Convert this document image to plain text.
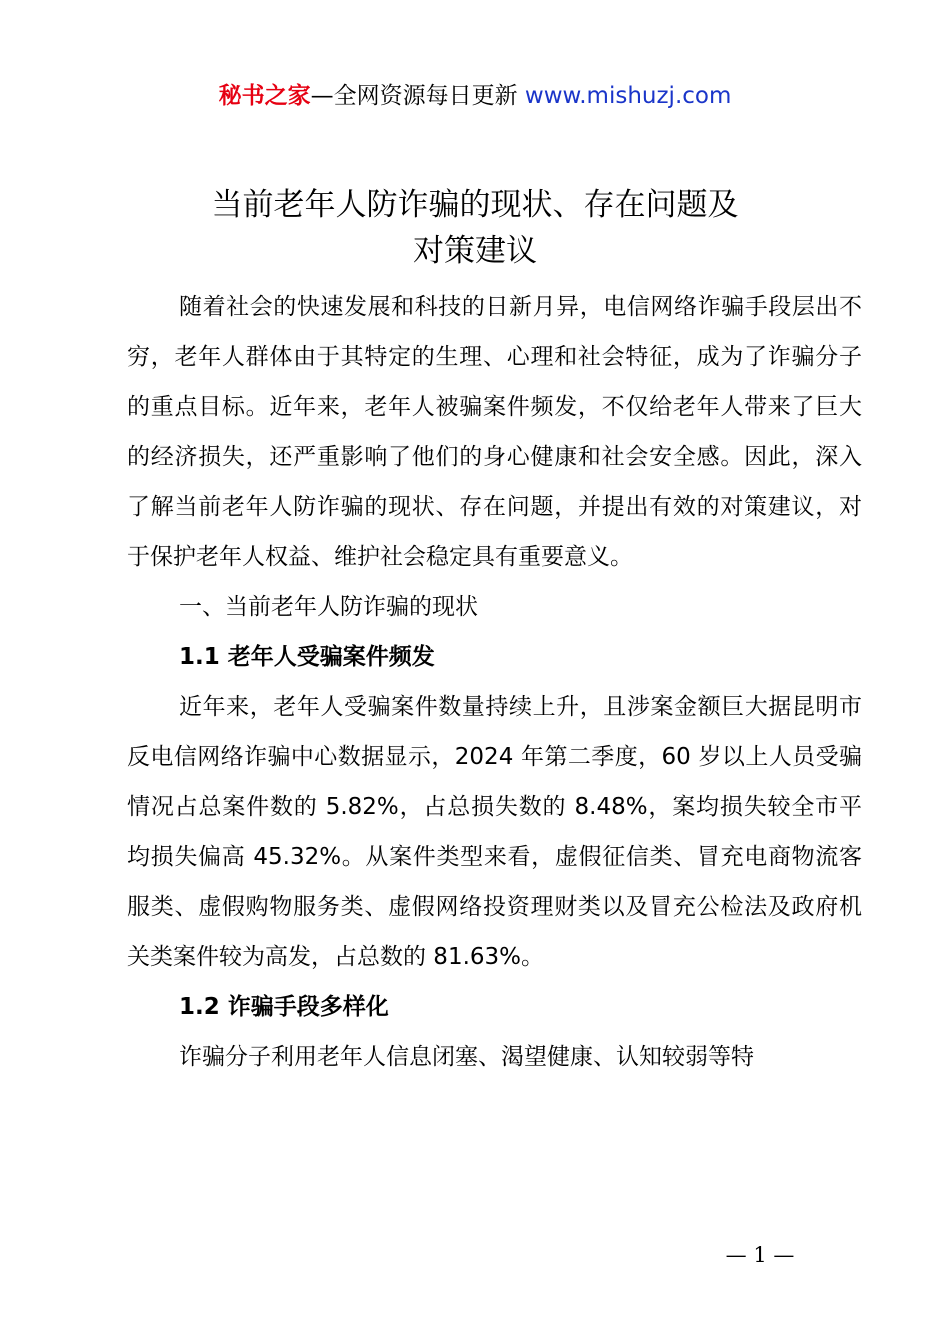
秘书之家—全网资源每日更新 www.mishuzj.com
当前老年人防诈骗的现状、存在问题及
对策建议

随着社会的快速发展和科技的日新月异，电信网络诈骗手段层出不穷，老年人群体由于其特定的生理、心理和社会特征，成为了诈骗分子的重点目标。近年来，老年人被骗案件频发，不仅给老年人带来了巨大的经济损失，还严重影响了他们的身心健康和社会安全感。因此，深入了解当前老年人防诈骗的现状、存在问题，并提出有效的对策建议，对于保护老年人权益、维护社会稳定具有重要意义。

一、当前老年人防诈骗的现状

1.1 老年人受骗案件频发

近年来，老年人受骗案件数量持续上升，且涉案金额巨大据昆明市反电信网络诈骗中心数据显示，2024 年第二季度，60 岁以上人员受骗情况占总案件数的 5.82%，占总损失数的 8.48%，案均损失较全市平均损失偏高 45.32%。从案件类型来看，虚假征信类、冒充电商物流客服类、虚假购物服务类、虚假网络投资理财类以及冒充公检法及政府机关类案件较为高发，占总数的 81.63%。

1.2 诈骗手段多样化

诈骗分子利用老年人信息闭塞、渴望健康、认知较弱等特

— 1 —
